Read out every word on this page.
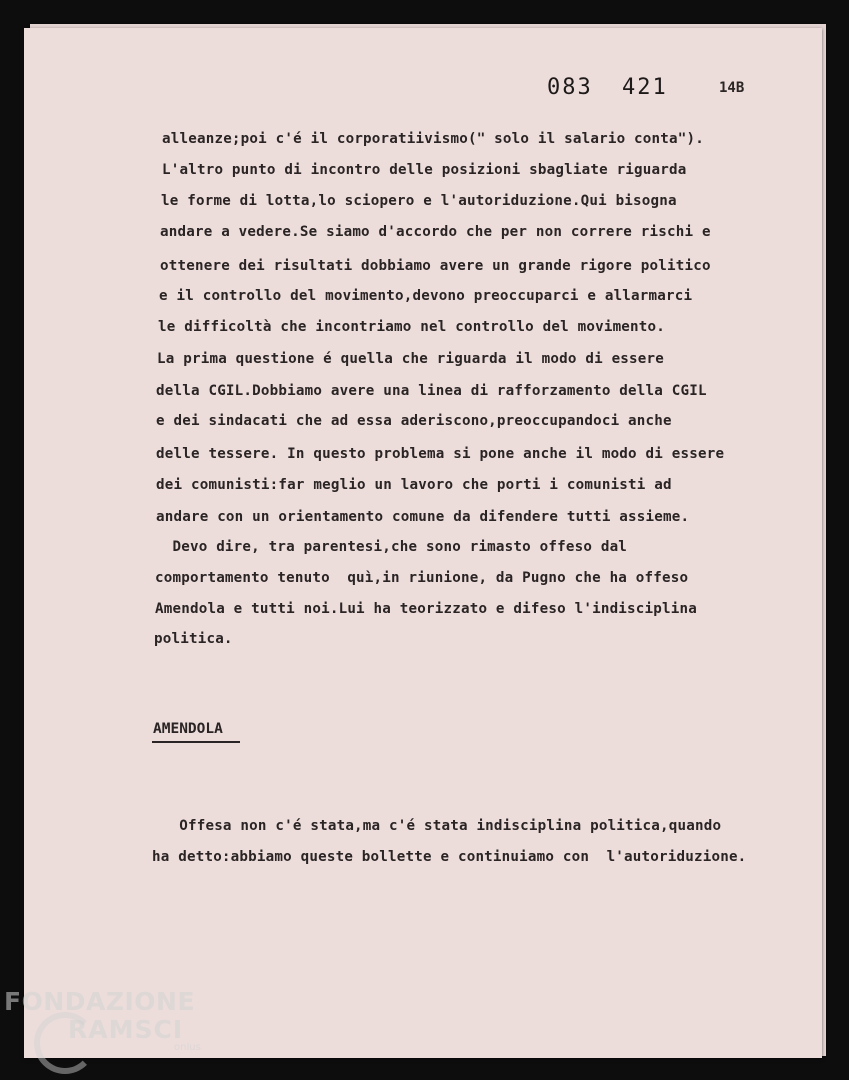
083 421	14B
alleanze;poi c'é il corporatiivismo(" solo il salario conta").
L'altro punto di incontro delle posizioni sbagliate riguarda
le forme di lotta,lo sciopero e l'autoriduzione.Qui bisogna
andare a vedere.Se siamo d'accordo che per non correre rischi e
ottenere dei risultati dobbiamo avere un grande rigore politico
e il controllo del movimento,devono preoccuparci e allarmarci
le difficoltà che incontriamo nel controllo del movimento.
La prima questione é quella che riguarda il modo di essere
della CGIL.Dobbiamo avere una linea di rafforzamento della CGIL
e dei sindacati che ad essa aderiscono,preoccupandoci anche
delle tessere. In questo problema si pone anche il modo di essere
dei comunisti:far meglio un lavoro che porti i comunisti ad
andare con un orientamento comune da difendere tutti assieme.
Devo dire, tra parentesi,che sono rimasto offeso dal
comportamento tenuto  quì,in riunione, da Pugno che ha offeso
Amendola e tutti noi.Lui ha teorizzato e difeso l'indisciplina
politica.
AMENDOLA
Offesa non c'é stata,ma c'é stata indisciplina politica,quando
ha detto:abbiamo queste bollette e continuiamo con  l'autoriduzione.
FONDAZIONE
RAMSCI
onlus
